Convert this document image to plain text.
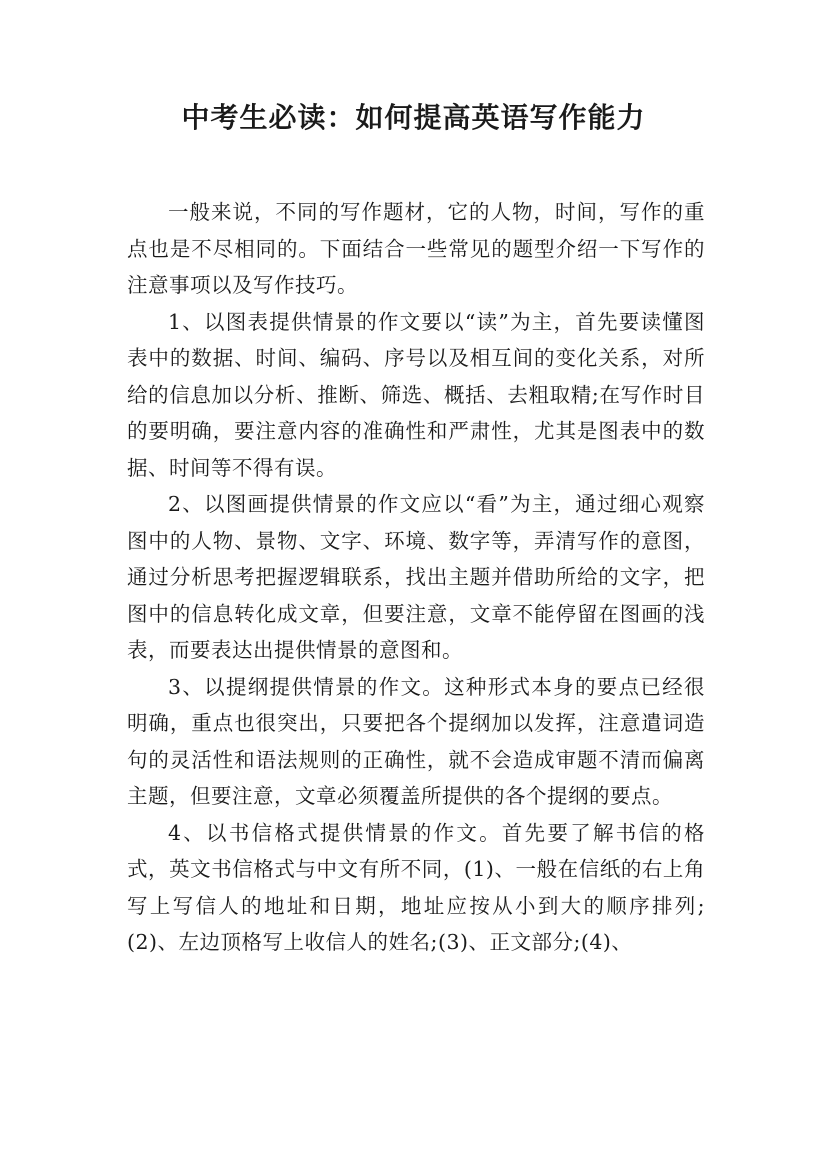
中考生必读：如何提高英语写作能力

一般来说，不同的写作题材，它的人物，时间，写作的重点也是不尽相同的。下面结合一些常见的题型介绍一下写作的注意事项以及写作技巧。

1、以图表提供情景的作文要以“读”为主，首先要读懂图表中的数据、时间、编码、序号以及相互间的变化关系，对所给的信息加以分析、推断、筛选、概括、去粗取精;在写作时目的要明确，要注意内容的准确性和严肃性，尤其是图表中的数据、时间等不得有误。

2、以图画提供情景的作文应以“看”为主，通过细心观察图中的人物、景物、文字、环境、数字等，弄清写作的意图，通过分析思考把握逻辑联系，找出主题并借助所给的文字，把图中的信息转化成文章，但要注意，文章不能停留在图画的浅表，而要表达出提供情景的意图和。

3、以提纲提供情景的作文。这种形式本身的要点已经很明确，重点也很突出，只要把各个提纲加以发挥，注意遣词造句的灵活性和语法规则的正确性，就不会造成审题不清而偏离主题，但要注意，文章必须覆盖所提供的各个提纲的要点。

4、以书信格式提供情景的作文。首先要了解书信的格式，英文书信格式与中文有所不同，(1)、一般在信纸的右上角写上写信人的地址和日期，地址应按从小到大的顺序排列;(2)、左边顶格写上收信人的姓名;(3)、正文部分;(4)、
